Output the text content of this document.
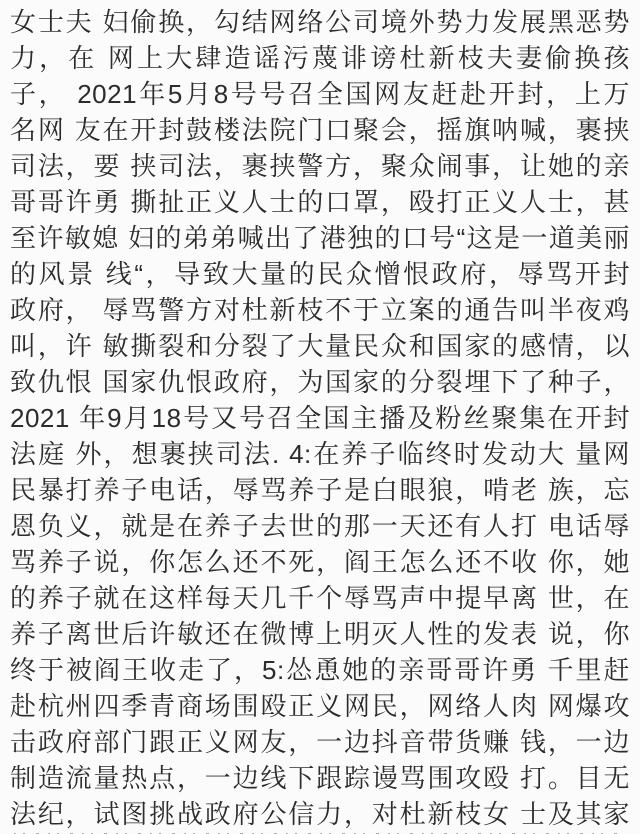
女士夫 妇偷换，勾结网络公司境外势力发展黑恶势
力，在 网上大肆造谣污蔑诽谤杜新枝夫妻偷换孩
子， 2021年5月8号号召全国网友赶赴开封，上万
名网 友在开封鼓楼法院门口聚会，摇旗呐喊，裹挟
司法，要 挟司法，裹挟警方，聚众闹事，让她的亲
哥哥许勇 撕扯正义人士的口罩，殴打正义人士，甚
至许敏媳 妇的弟弟喊出了港独的口号“这是一道美丽
的风景 线“，导致大量的民众憎恨政府，辱骂开封
政府， 辱骂警方对杜新枝不于立案的通告叫半夜鸡
叫，许 敏撕裂和分裂了大量民众和国家的感情，以
致仇恨 国家仇恨政府，为国家的分裂埋下了种子，
2021 年9月18号又号召全国主播及粉丝聚集在开封
法庭 外，想裹挟司法. 4:在养子临终时发动大 量网
民暴打养子电话，辱骂养子是白眼狼，啃老 族，忘
恩负义，就是在养子去世的那一天还有人打 电话辱
骂养子说，你怎么还不死，阎王怎么还不收 你，她
的养子就在这样每天几千个辱骂声中提早离 世，在
养子离世后许敏还在微博上明灭人性的发表 说，你
终于被阎王收走了，5:怂恿她的亲哥哥许勇 千里赶
赴杭州四季青商场围殴正义网民，网络人肉 网爆攻
击政府部门跟正义网友，一边抖音带货赚 钱，一边
制造流量热点，一边线下跟踪谩骂围攻殴 打。目无
法纪，试图挑战政府公信力，对杜新枝女 士及其家
